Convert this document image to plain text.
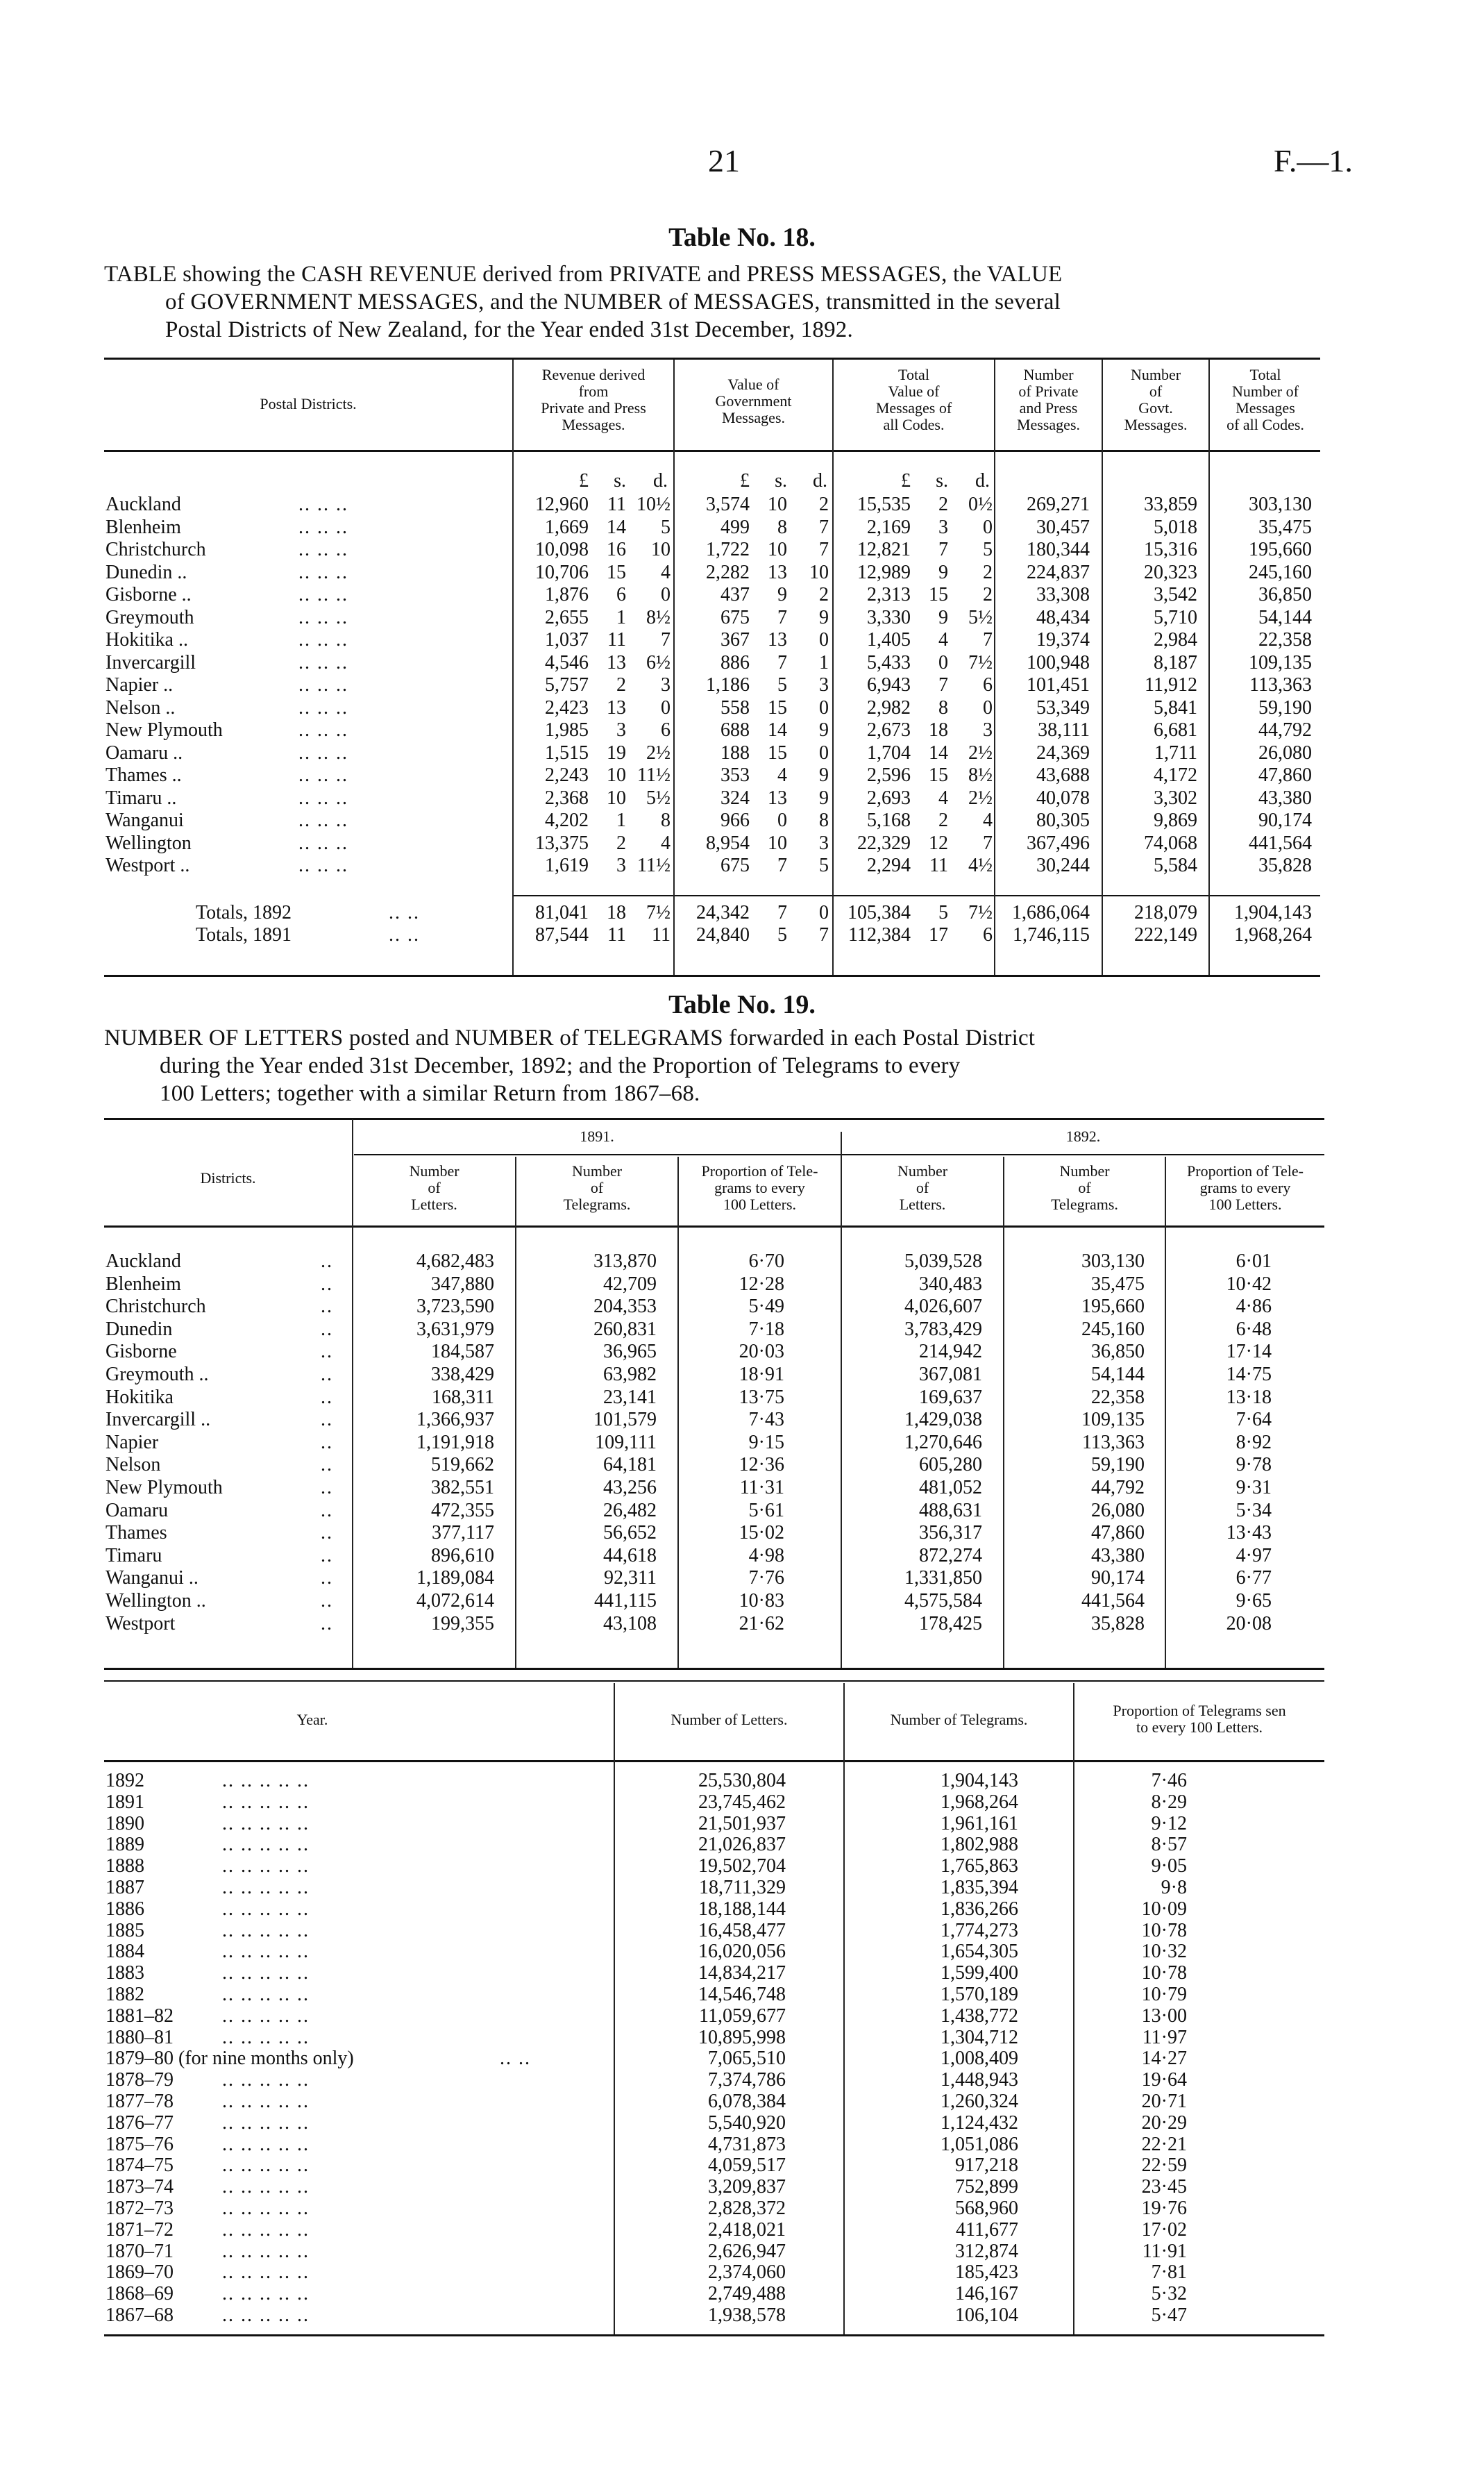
21	F.—1.
Table No. 18.
TABLE showing the CASH REVENUE derived from PRIVATE and PRESS MESSAGES, the VALUE
of GOVERNMENT MESSAGES, and the NUMBER of MESSAGES, transmitted in the several
Postal Districts of New Zealand, for the Year ended 31st December, 1892.
Postal Districts.
Revenue derived
from
Private and Press
Messages.
Value of
Government
Messages.
Total
Value of
Messages of
all Codes.
Number
of Private
and Press
Messages.
Number
of
Govt.
Messages.
Total
Number of
Messages
of all Codes.
£	s.	d.	£	s.	d.	£	s.	d.
Auckland	.. .. ..	12,960 11 10½	3,574 10	2	15,535	2	0½	269,271	33,859	303,130
Blenheim	.. .. ..	1,669 14	5	499	8	7	2,169	3	0	30,457	5,018	35,475
Christchurch	.. .. ..	10,098 16	10	1,722 10	7	12,821	7	5	180,344	15,316	195,660
Dunedin ..	.. .. ..	10,706 15	4	2,282 13	10	12,989	9	2	224,837	20,323	245,160
Gisborne ..	.. .. ..	1,876	6	0	437	9	2	2,313 15	2	33,308	3,542	36,850
Greymouth	.. .. ..	2,655	1	8½	675	7	9	3,330	9	5½	48,434	5,710	54,144
Hokitika ..	.. .. ..	1,037 11	7	367 13	0	1,405	4	7	19,374	2,984	22,358
Invercargill	.. .. ..	4,546 13	6½	886	7	1	5,433	0	7½	100,948	8,187	109,135
Napier ..	.. .. ..	5,757	2	3	1,186	5	3	6,943	7	6	101,451	11,912	113,363
Nelson ..	.. .. ..	2,423 13	0	558 15	0	2,982	8	0	53,349	5,841	59,190
New Plymouth	.. .. ..	1,985	3	6	688 14	9	2,673 18	3	38,111	6,681	44,792
Oamaru ..	.. .. ..	1,515 19	2½	188 15	0	1,704 14	2½	24,369	1,711	26,080
Thames ..	.. .. ..	2,243 10 11½	353	4	9	2,596 15	8½	43,688	4,172	47,860
Timaru ..	.. .. ..	2,368 10	5½	324 13	9	2,693	4	2½	40,078	3,302	43,380
Wanganui	.. .. ..	4,202	1	8	966	0	8	5,168	2	4	80,305	9,869	90,174
Wellington	.. .. ..	13,375	2	4	8,954 10	3	22,329 12	7	367,496	74,068	441,564
Westport ..	.. .. ..	1,619	3 11½	675	7	5	2,294 11	4½	30,244	5,584	35,828
Totals, 1892	.. ..	81,041 18	7½	24,342	7	0 105,384	5	7½	1,686,064	218,079	1,904,143
Totals, 1891	.. ..	87,544 11	11	24,840	5	7	112,384 17	6	1,746,115	222,149	1,968,264
Table No. 19.
NUMBER OF LETTERS posted and NUMBER of TELEGRAMS forwarded in each Postal District
during the Year ended 31st December, 1892; and the Proportion of Telegrams to every
100 Letters; together with a similar Return from 1867–68.
1891.	1892.
Districts.	Number
of
Letters.
Number
of
Telegrams.
Proportion of Tele-
grams to every
100 Letters.
Number
of
Letters.
Number
of
Telegrams.
Proportion of Tele-
grams to every
100 Letters.
Auckland	..	4,682,483	313,870	6·70	5,039,528	303,130	6·01
Blenheim	..	347,880	42,709	12·28	340,483	35,475	10·42
Christchurch	..	3,723,590	204,353	5·49	4,026,607	195,660	4·86
Dunedin	..	3,631,979	260,831	7·18	3,783,429	245,160	6·48
Gisborne	..	184,587	36,965	20·03	214,942	36,850	17·14
Greymouth ..	..	338,429	63,982	18·91	367,081	54,144	14·75
Hokitika	..	168,311	23,141	13·75	169,637	22,358	13·18
Invercargill ..	..	1,366,937	101,579	7·43	1,429,038	109,135	7·64
Napier	..	1,191,918	109,111	9·15	1,270,646	113,363	8·92
Nelson	..	519,662	64,181	12·36	605,280	59,190	9·78
New Plymouth	..	382,551	43,256	11·31	481,052	44,792	9·31
Oamaru	..	472,355	26,482	5·61	488,631	26,080	5·34
Thames	..	377,117	56,652	15·02	356,317	47,860	13·43
Timaru	..	896,610	44,618	4·98	872,274	43,380	4·97
Wanganui ..	..	1,189,084	92,311	7·76	1,331,850	90,174	6·77
Wellington ..	..	4,072,614	441,115	10·83	4,575,584	441,564	9·65
Westport	..	199,355	43,108	21·62	178,425	35,828	20·08
Year.	Number of Letters.	Number of Telegrams.
Proportion of Telegrams sen
to every 100 Letters.
1892	.. .. .. .. ..	25,530,804	1,904,143	7·46
1891	.. .. .. .. ..	23,745,462	1,968,264	8·29
1890	.. .. .. .. ..	21,501,937	1,961,161	9·12
1889	.. .. .. .. ..	21,026,837	1,802,988	8·57
1888	.. .. .. .. ..	19,502,704	1,765,863	9·05
1887	.. .. .. .. ..	18,711,329	1,835,394	9·8
1886	.. .. .. .. ..	18,188,144	1,836,266	10·09
1885	.. .. .. .. ..	16,458,477	1,774,273	10·78
1884	.. .. .. .. ..	16,020,056	1,654,305	10·32
1883	.. .. .. .. ..	14,834,217	1,599,400	10·78
1882	.. .. .. .. ..	14,546,748	1,570,189	10·79
1881–82	.. .. .. .. ..	11,059,677	1,438,772	13·00
1880–81	.. .. .. .. ..	10,895,998	1,304,712	11·97
1879–80 (for nine months only)	.. ..	7,065,510	1,008,409	14·27
1878–79	.. .. .. .. ..	7,374,786	1,448,943	19·64
1877–78	.. .. .. .. ..	6,078,384	1,260,324	20·71
1876–77	.. .. .. .. ..	5,540,920	1,124,432	20·29
1875–76	.. .. .. .. ..	4,731,873	1,051,086	22·21
1874–75	.. .. .. .. ..	4,059,517	917,218	22·59
1873–74	.. .. .. .. ..	3,209,837	752,899	23·45
1872–73	.. .. .. .. ..	2,828,372	568,960	19·76
1871–72	.. .. .. .. ..	2,418,021	411,677	17·02
1870–71	.. .. .. .. ..	2,626,947	312,874	11·91
1869–70	.. .. .. .. ..	2,374,060	185,423	7·81
1868–69	.. .. .. .. ..	2,749,488	146,167	5·32
1867–68	.. .. .. .. ..	1,938,578	106,104	5·47
